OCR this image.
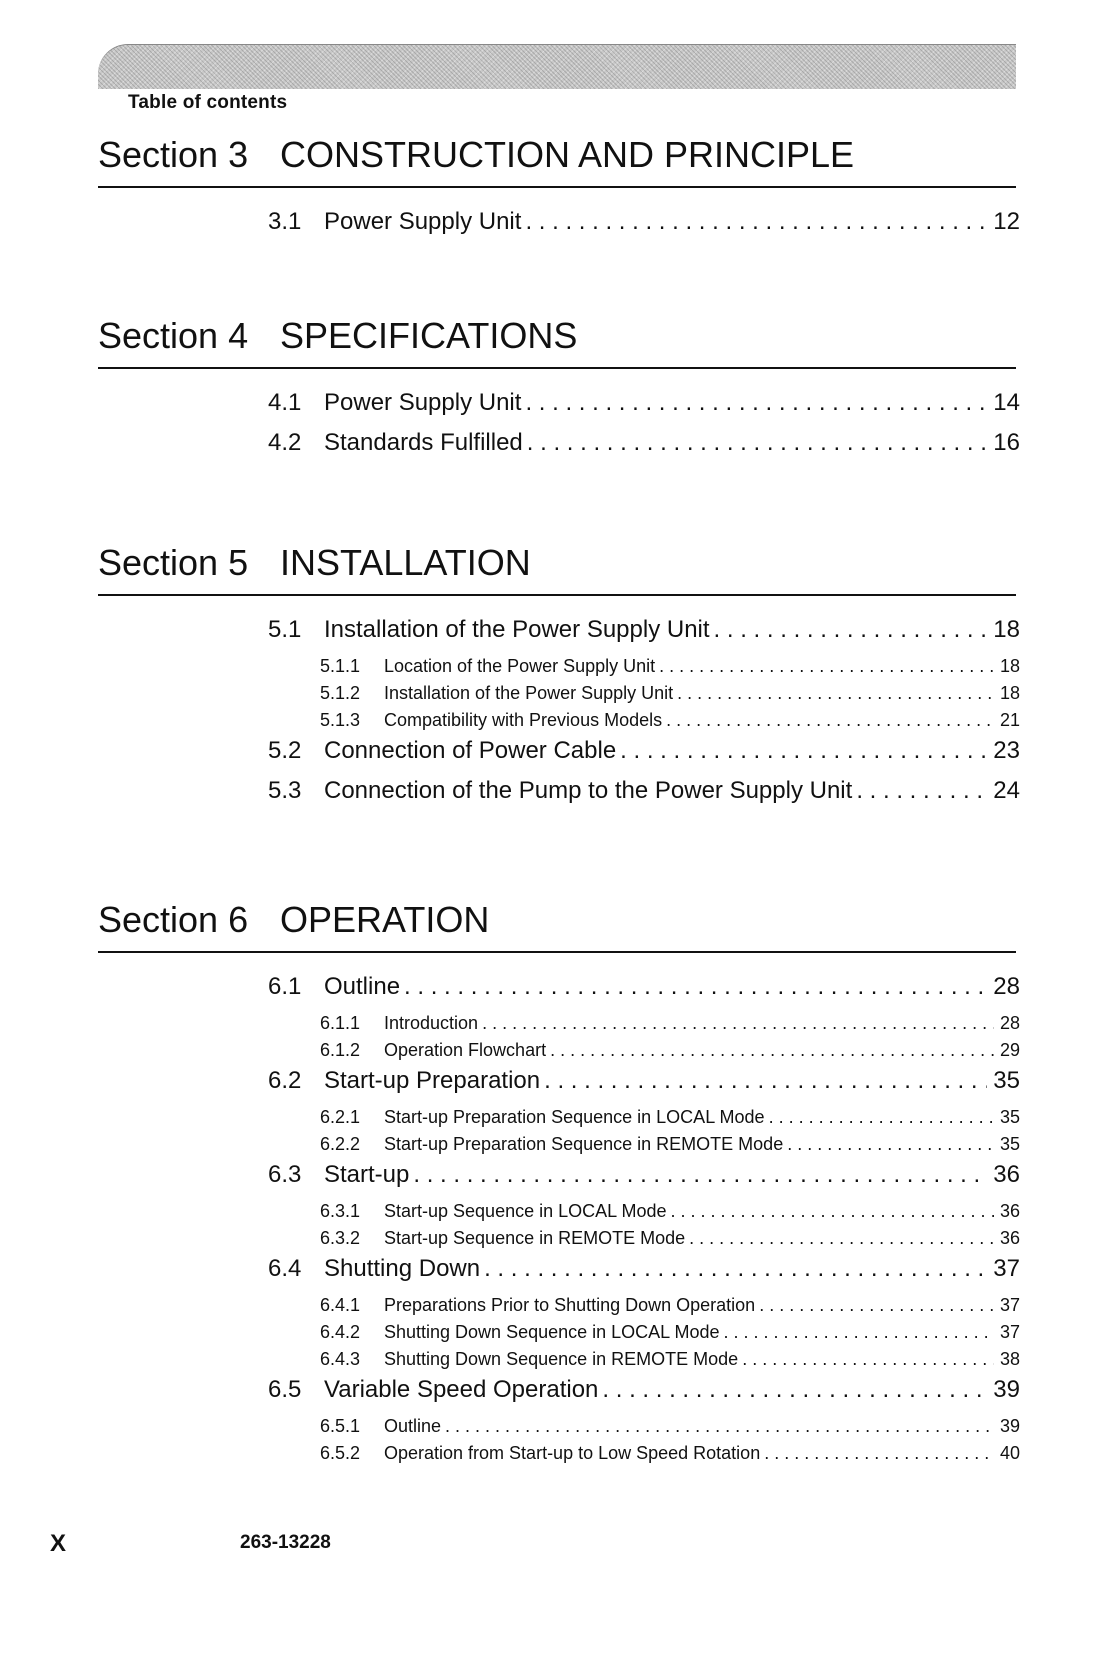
Table of contents
Section 3 CONSTRUCTION AND PRINCIPLE
3.1 Power Supply Unit . . .	12
Section 4 SPECIFICATIONS
4.1 Power Supply Unit . . .	14
4.2 Standards Fulfilled . . .	16
Section 5 INSTALLATION
5.1 Installation of the Power Supply Unit . . .	18
5.1.1	Location of the Power Supply Unit . . .	18
5.1.2	Installation of the Power Supply Unit . . .	18
5.1.3	Compatibility with Previous Models . . .	21
5.2 Connection of Power Cable . . .	23
5.3 Connection of the Pump to the Power Supply Unit . . .	24
Section 6 OPERATION
6.1 Outline . . .	28
6.1.1	Introduction . . .	28
6.1.2	Operation Flowchart . . .	29
6.2 Start-up Preparation . . .	35
6.2.1	Start-up Preparation Sequence in LOCAL Mode . . .	35
6.2.2	Start-up Preparation Sequence in REMOTE Mode . . .	35
6.3 Start-up . . .	36
6.3.1	Start-up Sequence in LOCAL Mode . . .	36
6.3.2	Start-up Sequence in REMOTE Mode . . .	36
6.4 Shutting Down . . .	37
6.4.1	Preparations Prior to Shutting Down Operation . . .	37
6.4.2	Shutting Down Sequence in LOCAL Mode . . .	37
6.4.3	Shutting Down Sequence in REMOTE Mode . . .	38
6.5 Variable Speed Operation . . .	39
6.5.1	Outline . . .	39
6.5.2	Operation from Start-up to Low Speed Rotation . . .	40
X	263-13228
